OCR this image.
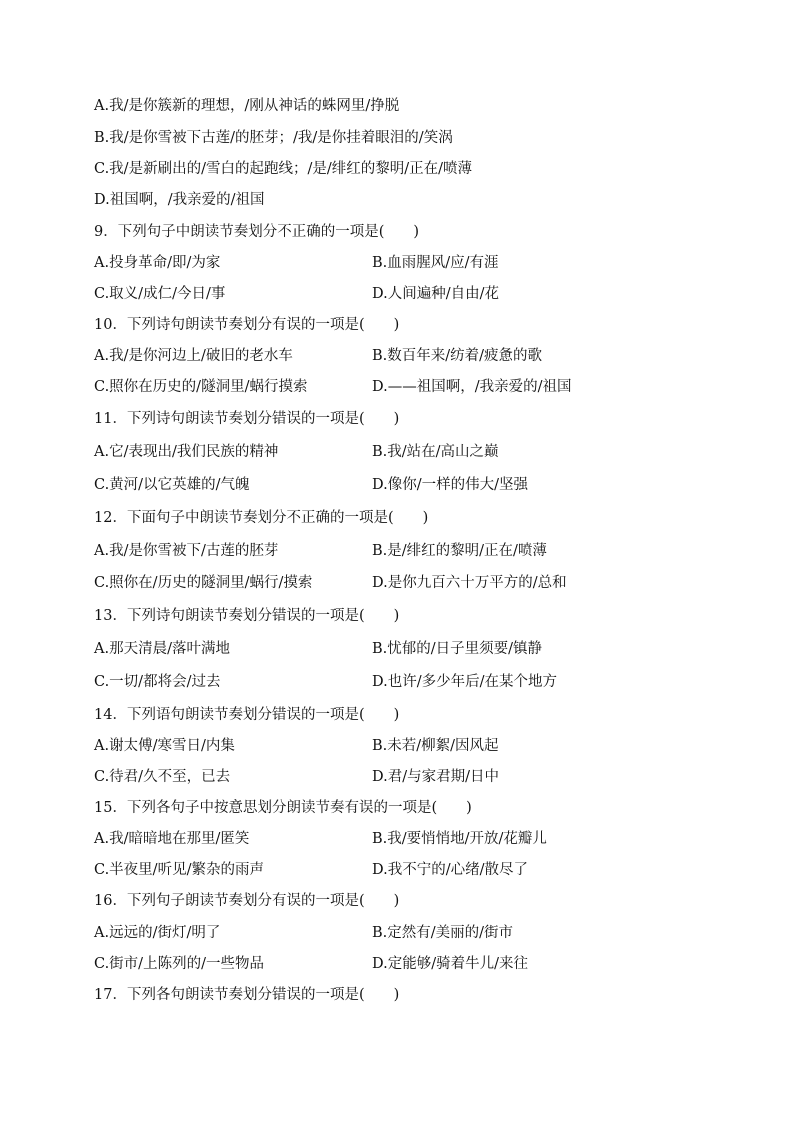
A.我/是你簇新的理想，/刚从神话的蛛网里/挣脱
B.我/是你雪被下古莲/的胚芽；/我/是你挂着眼泪的/笑涡
C.我/是新刷出的/雪白的起跑线；/是/绯红的黎明/正在/喷薄
D.祖国啊，/我亲爱的/祖国
9．下列句子中朗读节奏划分不正确的一项是(　　)
A.投身革命/即/为家	B.血雨腥风/应/有涯
C.取义/成仁/今日/事	D.人间遍种/自由/花
10．下列诗句朗读节奏划分有误的一项是(　　)
A.我/是你河边上/破旧的老水车	B.数百年来/纺着/疲惫的歌
C.照你在历史的/隧洞里/蜗行摸索	D.——祖国啊，/我亲爱的/祖国
11．下列诗句朗读节奏划分错误的一项是(　　)
A.它/表现出/我们民族的精神	B.我/站在/高山之巅
C.黄河/以它英雄的/气魄	D.像你/一样的伟大/坚强
12．下面句子中朗读节奏划分不正确的一项是(　　)
A.我/是你雪被下/古莲的胚芽	B.是/绯红的黎明/正在/喷薄
C.照你在/历史的隧洞里/蜗行/摸索	D.是你九百六十万平方的/总和
13．下列诗句朗读节奏划分错误的一项是(　　)
A.那天清晨/落叶满地	B.忧郁的/日子里须要/镇静
C.一切/都将会/过去	D.也许/多少年后/在某个地方
14．下列语句朗读节奏划分错误的一项是(　　)
A.谢太傅/寒雪日/内集	B.未若/柳絮/因风起
C.待君/久不至，已去	D.君/与家君期/日中
15．下列各句子中按意思划分朗读节奏有误的一项是(　　)
A.我/暗暗地在那里/匿笑	B.我/要悄悄地/开放/花瓣儿
C.半夜里/听见/繁杂的雨声	D.我不宁的/心绪/散尽了
16．下列句子朗读节奏划分有误的一项是(　　)
A.远远的/街灯/明了	B.定然有/美丽的/街市
C.街市/上陈列的/一些物品	D.定能够/骑着牛儿/来往
17．下列各句朗读节奏划分错误的一项是(　　)
